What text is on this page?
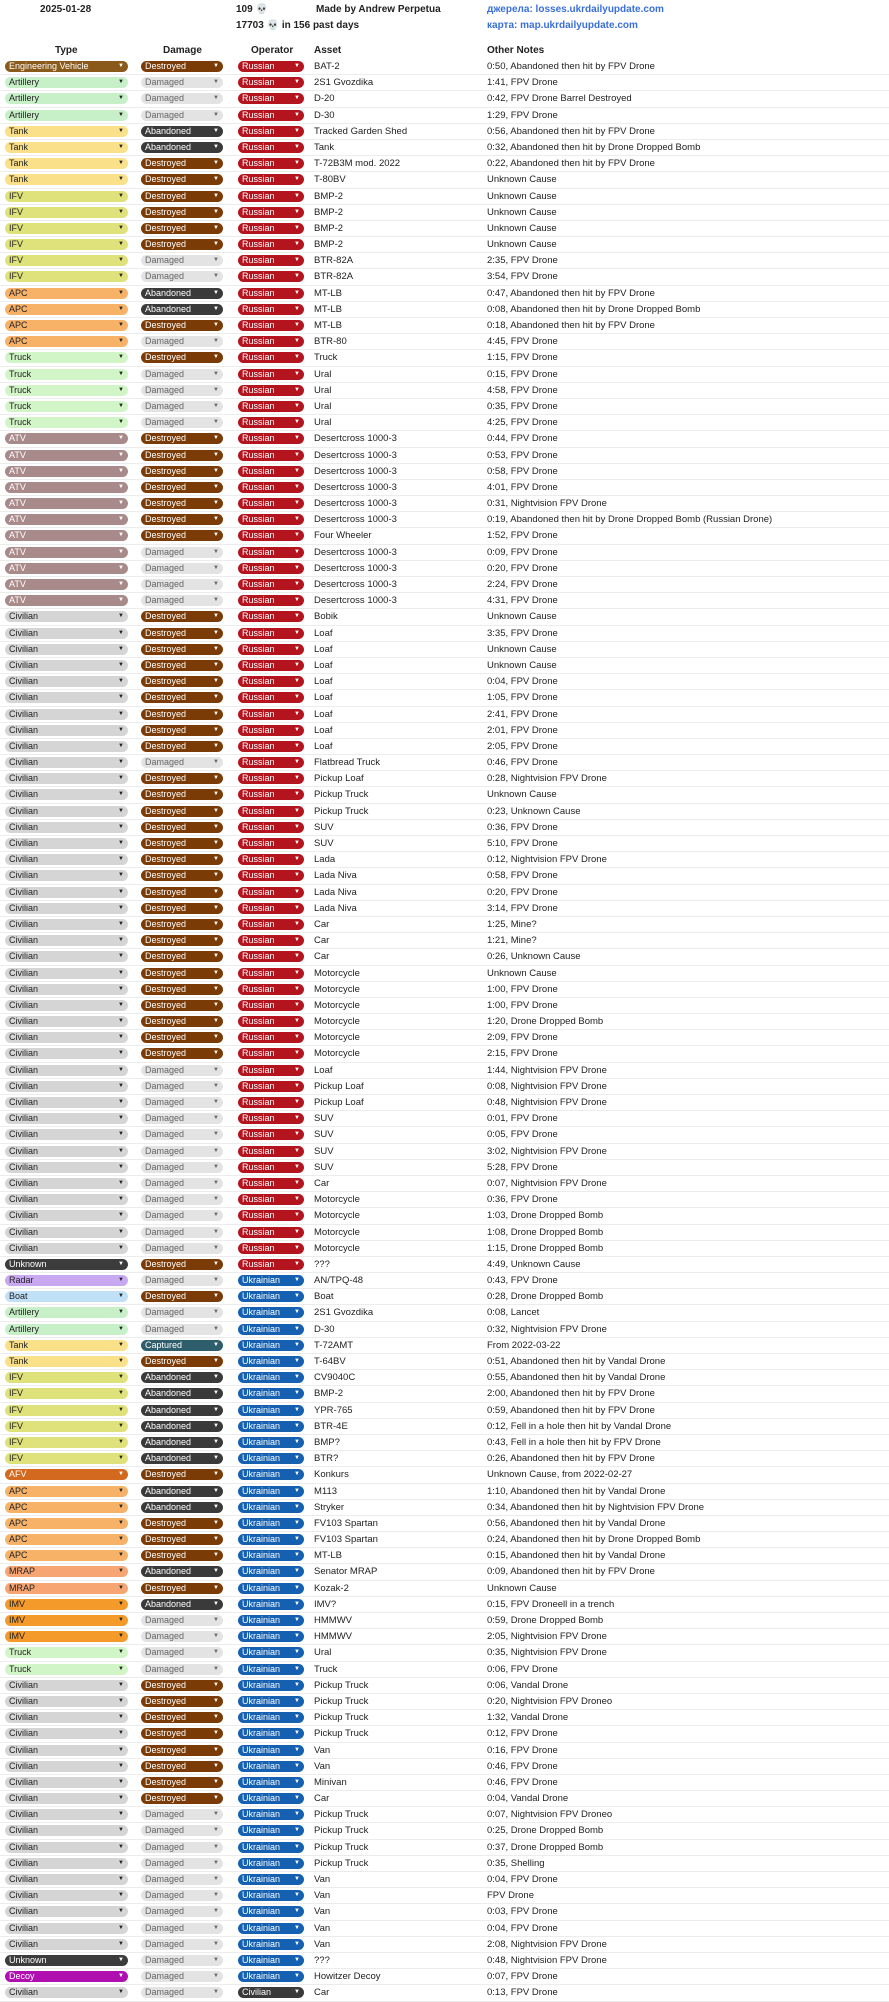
2025-01-28	109 💀
17703 💀 in 156 past days
Made by Andrew Perpetua	джерела: losses.ukrdailyupdate.com
карта: map.ukrdailyupdate.com
Type	Damage	Operator Asset	Other Notes
Engineering Vehicle	▼	Destroyed	▼	Russian	▼ BAT-2	0:50, Abandoned then hit by FPV Drone
Artillery	▼	Damaged	▼	Russian	▼ 2S1 Gvozdika	1:41, FPV Drone
Artillery	▼	Damaged	▼	Russian	▼ D-20	0:42, FPV Drone Barrel Destroyed
Artillery	▼	Damaged	▼	Russian	▼ D-30	1:29, FPV Drone
Tank	▼	Abandoned	▼	Russian	▼ Tracked Garden Shed	0:56, Abandoned then hit by FPV Drone
Tank	▼	Abandoned	▼	Russian	▼ Tank	0:32, Abandoned then hit by Drone Dropped Bomb
Tank	▼	Destroyed	▼	Russian	▼ T-72B3M mod. 2022	0:22, Abandoned then hit by FPV Drone
Tank	▼	Destroyed	▼	Russian	▼ T-80BV	Unknown Cause
IFV	▼	Destroyed	▼	Russian	▼ BMP-2	Unknown Cause
IFV	▼	Destroyed	▼	Russian	▼ BMP-2	Unknown Cause
IFV	▼	Destroyed	▼	Russian	▼ BMP-2	Unknown Cause
IFV	▼	Destroyed	▼	Russian	▼ BMP-2	Unknown Cause
IFV	▼	Damaged	▼	Russian	▼ BTR-82A	2:35, FPV Drone
IFV	▼	Damaged	▼	Russian	▼ BTR-82A	3:54, FPV Drone
APC	▼	Abandoned	▼	Russian	▼ MT-LB	0:47, Abandoned then hit by FPV Drone
APC	▼	Abandoned	▼	Russian	▼ MT-LB	0:08, Abandoned then hit by Drone Dropped Bomb
APC	▼	Destroyed	▼	Russian	▼ MT-LB	0:18, Abandoned then hit by FPV Drone
APC	▼	Damaged	▼	Russian	▼ BTR-80	4:45, FPV Drone
Truck	▼	Destroyed	▼	Russian	▼ Truck	1:15, FPV Drone
Truck	▼	Damaged	▼	Russian	▼ Ural	0:15, FPV Drone
Truck	▼	Damaged	▼	Russian	▼ Ural	4:58, FPV Drone
Truck	▼	Damaged	▼	Russian	▼ Ural	0:35, FPV Drone
Truck	▼	Damaged	▼	Russian	▼ Ural	4:25, FPV Drone
ATV	▼	Destroyed	▼	Russian	▼ Desertcross 1000-3	0:44, FPV Drone
ATV	▼	Destroyed	▼	Russian	▼ Desertcross 1000-3	0:53, FPV Drone
ATV	▼	Destroyed	▼	Russian	▼ Desertcross 1000-3	0:58, FPV Drone
ATV	▼	Destroyed	▼	Russian	▼ Desertcross 1000-3	4:01, FPV Drone
ATV	▼	Destroyed	▼	Russian	▼ Desertcross 1000-3	0:31, Nightvision FPV Drone
ATV	▼	Destroyed	▼	Russian	▼ Desertcross 1000-3	0:19, Abandoned then hit by Drone Dropped Bomb (Russian Drone)
ATV	▼	Destroyed	▼	Russian	▼ Four Wheeler	1:52, FPV Drone
ATV	▼	Damaged	▼	Russian	▼ Desertcross 1000-3	0:09, FPV Drone
ATV	▼	Damaged	▼	Russian	▼ Desertcross 1000-3	0:20, FPV Drone
ATV	▼	Damaged	▼	Russian	▼ Desertcross 1000-3	2:24, FPV Drone
ATV	▼	Damaged	▼	Russian	▼ Desertcross 1000-3	4:31, FPV Drone
Civilian	▼	Destroyed	▼	Russian	▼ Bobik	Unknown Cause
Civilian	▼	Destroyed	▼	Russian	▼ Loaf	3:35, FPV Drone
Civilian	▼	Destroyed	▼	Russian	▼ Loaf	Unknown Cause
Civilian	▼	Destroyed	▼	Russian	▼ Loaf	Unknown Cause
Civilian	▼	Destroyed	▼	Russian	▼ Loaf	0:04, FPV Drone
Civilian	▼	Destroyed	▼	Russian	▼ Loaf	1:05, FPV Drone
Civilian	▼	Destroyed	▼	Russian	▼ Loaf	2:41, FPV Drone
Civilian	▼	Destroyed	▼	Russian	▼ Loaf	2:01, FPV Drone
Civilian	▼	Destroyed	▼	Russian	▼ Loaf	2:05, FPV Drone
Civilian	▼	Damaged	▼	Russian	▼ Flatbread Truck	0:46, FPV Drone
Civilian	▼	Destroyed	▼	Russian	▼ Pickup Loaf	0:28, Nightvision FPV Drone
Civilian	▼	Destroyed	▼	Russian	▼ Pickup Truck	Unknown Cause
Civilian	▼	Destroyed	▼	Russian	▼ Pickup Truck	0:23, Unknown Cause
Civilian	▼	Destroyed	▼	Russian	▼ SUV	0:36, FPV Drone
Civilian	▼	Destroyed	▼	Russian	▼ SUV	5:10, FPV Drone
Civilian	▼	Destroyed	▼	Russian	▼ Lada	0:12, Nightvision FPV Drone
Civilian	▼	Destroyed	▼	Russian	▼ Lada Niva	0:58, FPV Drone
Civilian	▼	Destroyed	▼	Russian	▼ Lada Niva	0:20, FPV Drone
Civilian	▼	Destroyed	▼	Russian	▼ Lada Niva	3:14, FPV Drone
Civilian	▼	Destroyed	▼	Russian	▼ Car	1:25, Mine?
Civilian	▼	Destroyed	▼	Russian	▼ Car	1:21, Mine?
Civilian	▼	Destroyed	▼	Russian	▼ Car	0:26, Unknown Cause
Civilian	▼	Destroyed	▼	Russian	▼ Motorcycle	Unknown Cause
Civilian	▼	Destroyed	▼	Russian	▼ Motorcycle	1:00, FPV Drone
Civilian	▼	Destroyed	▼	Russian	▼ Motorcycle	1:00, FPV Drone
Civilian	▼	Destroyed	▼	Russian	▼ Motorcycle	1:20, Drone Dropped Bomb
Civilian	▼	Destroyed	▼	Russian	▼ Motorcycle	2:09, FPV Drone
Civilian	▼	Destroyed	▼	Russian	▼ Motorcycle	2:15, FPV Drone
Civilian	▼	Damaged	▼	Russian	▼ Loaf	1:44, Nightvision FPV Drone
Civilian	▼	Damaged	▼	Russian	▼ Pickup Loaf	0:08, Nightvision FPV Drone
Civilian	▼	Damaged	▼	Russian	▼ Pickup Loaf	0:48, Nightvision FPV Drone
Civilian	▼	Damaged	▼	Russian	▼ SUV	0:01, FPV Drone
Civilian	▼	Damaged	▼	Russian	▼ SUV	0:05, FPV Drone
Civilian	▼	Damaged	▼	Russian	▼ SUV	3:02, Nightvision FPV Drone
Civilian	▼	Damaged	▼	Russian	▼ SUV	5:28, FPV Drone
Civilian	▼	Damaged	▼	Russian	▼ Car	0:07, Nightvision FPV Drone
Civilian	▼	Damaged	▼	Russian	▼ Motorcycle	0:36, FPV Drone
Civilian	▼	Damaged	▼	Russian	▼ Motorcycle	1:03, Drone Dropped Bomb
Civilian	▼	Damaged	▼	Russian	▼ Motorcycle	1:08, Drone Dropped Bomb
Civilian	▼	Damaged	▼	Russian	▼ Motorcycle	1:15, Drone Dropped Bomb
Unknown	▼	Destroyed	▼	Russian	▼ ???	4:49, Unknown Cause
Radar	▼	Damaged	▼	Ukrainian ▼ AN/TPQ-48	0:43, FPV Drone
Boat	▼	Destroyed	▼	Ukrainian ▼ Boat	0:28, Drone Dropped Bomb
Artillery	▼	Damaged	▼	Ukrainian ▼ 2S1 Gvozdika	0:08, Lancet
Artillery	▼	Damaged	▼	Ukrainian ▼ D-30	0:32, Nightvision FPV Drone
Tank	▼	Captured	▼	Ukrainian ▼ T-72AMT	From 2022-03-22
Tank	▼	Destroyed	▼	Ukrainian ▼ T-64BV	0:51, Abandoned then hit by Vandal Drone
IFV	▼	Abandoned	▼	Ukrainian ▼ CV9040C	0:55, Abandoned then hit by Vandal Drone
IFV	▼	Abandoned	▼	Ukrainian ▼ BMP-2	2:00, Abandoned then hit by FPV Drone
IFV	▼	Abandoned	▼	Ukrainian ▼ YPR-765	0:59, Abandoned then hit by FPV Drone
IFV	▼	Abandoned	▼	Ukrainian ▼ BTR-4E	0:12, Fell in a hole then hit by Vandal Drone
IFV	▼	Abandoned	▼	Ukrainian ▼ BMP?	0:43, Fell in a hole then hit by FPV Drone
IFV	▼	Abandoned	▼	Ukrainian ▼ BTR?	0:26, Abandoned then hit by FPV Drone
AFV	▼	Destroyed	▼	Ukrainian ▼ Konkurs	Unknown Cause, from 2022-02-27
APC	▼	Abandoned	▼	Ukrainian ▼ M113	1:10, Abandoned then hit by Vandal Drone
APC	▼	Abandoned	▼	Ukrainian ▼ Stryker	0:34, Abandoned then hit by Nightvision FPV Drone
APC	▼	Destroyed	▼	Ukrainian ▼ FV103 Spartan	0:56, Abandoned then hit by Vandal Drone
APC	▼	Destroyed	▼	Ukrainian ▼ FV103 Spartan	0:24, Abandoned then hit by Drone Dropped Bomb
APC	▼	Destroyed	▼	Ukrainian ▼ MT-LB	0:15, Abandoned then hit by Vandal Drone
MRAP	▼	Abandoned	▼	Ukrainian ▼ Senator MRAP	0:09, Abandoned then hit by FPV Drone
MRAP	▼	Destroyed	▼	Ukrainian ▼ Kozak-2	Unknown Cause
IMV	▼	Abandoned	▼	Ukrainian ▼ IMV?	0:15, FPV Droneell in a trench
IMV	▼	Damaged	▼	Ukrainian ▼ HMMWV	0:59, Drone Dropped Bomb
IMV	▼	Damaged	▼	Ukrainian ▼ HMMWV	2:05, Nightvision FPV Drone
Truck	▼	Damaged	▼	Ukrainian ▼ Ural	0:35, Nightvision FPV Drone
Truck	▼	Damaged	▼	Ukrainian ▼ Truck	0:06, FPV Drone
Civilian	▼	Destroyed	▼	Ukrainian ▼ Pickup Truck	0:06, Vandal Drone
Civilian	▼	Destroyed	▼	Ukrainian ▼ Pickup Truck	0:20, Nightvision FPV Droneo
Civilian	▼	Destroyed	▼	Ukrainian ▼ Pickup Truck	1:32, Vandal Drone
Civilian	▼	Destroyed	▼	Ukrainian ▼ Pickup Truck	0:12, FPV Drone
Civilian	▼	Destroyed	▼	Ukrainian ▼ Van	0:16, FPV Drone
Civilian	▼	Destroyed	▼	Ukrainian ▼ Van	0:46, FPV Drone
Civilian	▼	Destroyed	▼	Ukrainian ▼ Minivan	0:46, FPV Drone
Civilian	▼	Destroyed	▼	Ukrainian ▼ Car	0:04, Vandal Drone
Civilian	▼	Damaged	▼	Ukrainian ▼ Pickup Truck	0:07, Nightvision FPV Droneo
Civilian	▼	Damaged	▼	Ukrainian ▼ Pickup Truck	0:25, Drone Dropped Bomb
Civilian	▼	Damaged	▼	Ukrainian ▼ Pickup Truck	0:37, Drone Dropped Bomb
Civilian	▼	Damaged	▼	Ukrainian ▼ Pickup Truck	0:35, Shelling
Civilian	▼	Damaged	▼	Ukrainian ▼ Van	0:04, FPV Drone
Civilian	▼	Damaged	▼	Ukrainian ▼ Van	FPV Drone
Civilian	▼	Damaged	▼	Ukrainian ▼ Van	0:03, FPV Drone
Civilian	▼	Damaged	▼	Ukrainian ▼ Van	0:04, FPV Drone
Civilian	▼	Damaged	▼	Ukrainian ▼ Van	2:08, Nightvision FPV Drone
Unknown	▼	Damaged	▼	Ukrainian ▼ ???	0:48, Nightvision FPV Drone
Decoy	▼	Damaged	▼	Ukrainian ▼ Howitzer Decoy	0:07, FPV Drone
Civilian	▼	Damaged	▼	Civilian	▼ Car	0:13, FPV Drone
